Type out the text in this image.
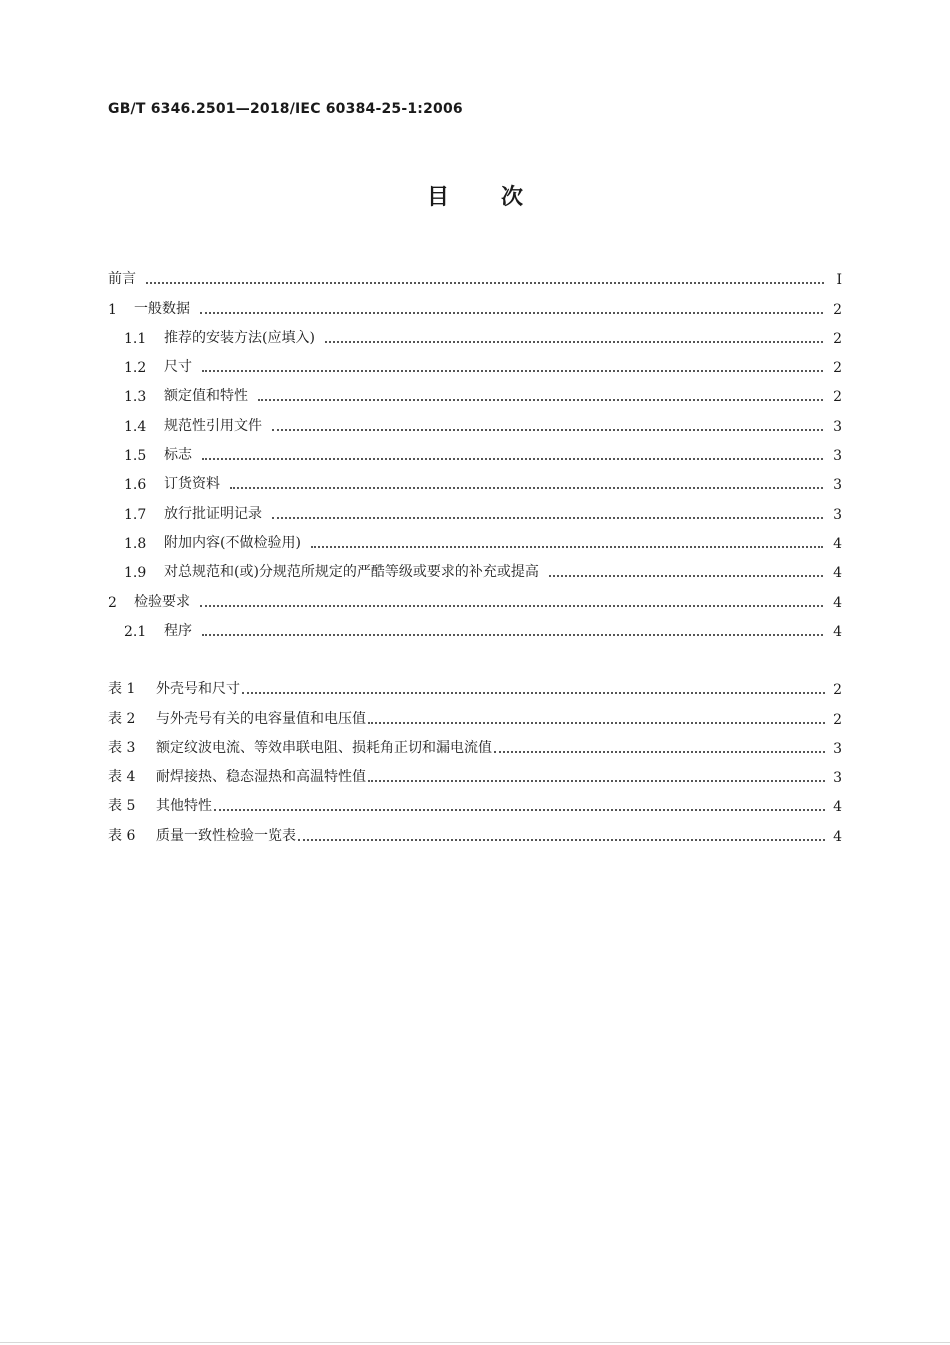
GB/T 6346.2501—2018/IEC 60384-25-1:2006
目 次
前言	Ⅰ
1	一般数据	2
1.1	推荐的安装方法(应填入)	2
1.2	尺寸	2
1.3	额定值和特性	2
1.4	规范性引用文件	3
1.5	标志	3
1.6	订货资料	3
1.7	放行批证明记录	3
1.8	附加内容(不做检验用)	4
1.9	对总规范和(或)分规范所规定的严酷等级或要求的补充或提高	4
2	检验要求	4
2.1	程序	4
表 1	外壳号和尺寸	2
表 2	与外壳号有关的电容量值和电压值	2
表 3	额定纹波电流、等效串联电阻、损耗角正切和漏电流值	3
表 4	耐焊接热、稳态湿热和高温特性值	3
表 5	其他特性	4
表 6	质量一致性检验一览表	4
